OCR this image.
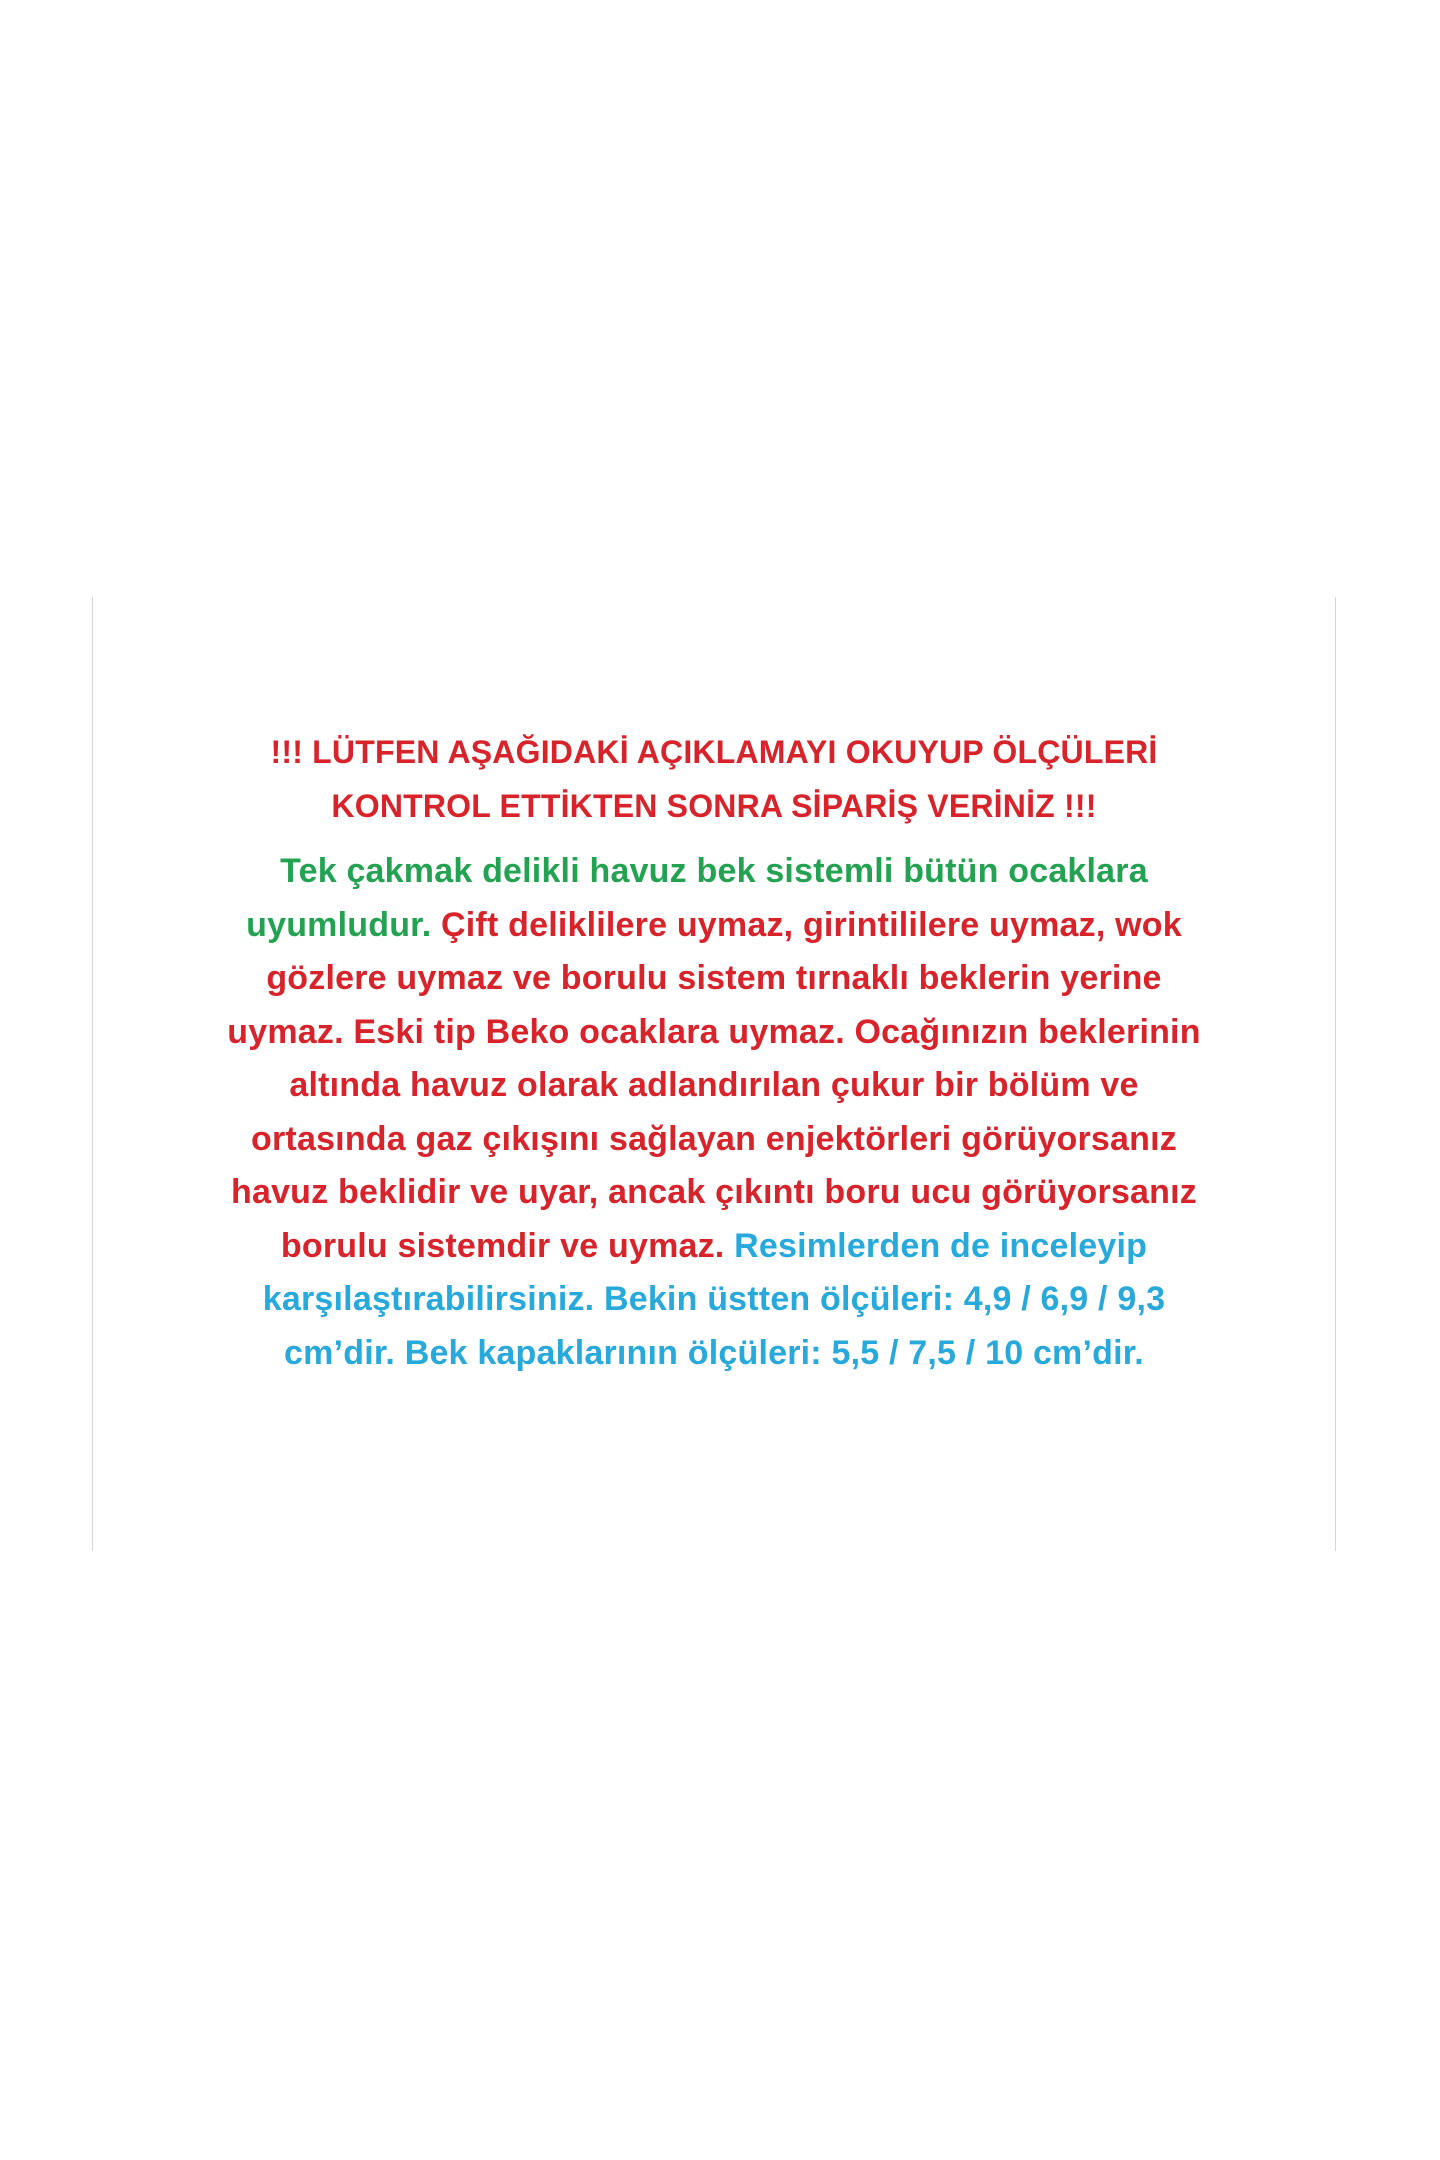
!!! LÜTFEN AŞAĞIDAKİ AÇIKLAMAYI OKUYUP ÖLÇÜLERİ KONTROL ETTİKTEN SONRA SİPARİŞ VERİNİZ !!!
Tek çakmak delikli havuz bek sistemli bütün ocaklara uyumludur. Çift deliklilere uymaz, girintililere uymaz, wok gözlere uymaz ve borulu sistem tırnaklı beklerin yerine uymaz. Eski tip Beko ocaklara uymaz. Ocağınızın beklerinin altında havuz olarak adlandırılan çukur bir bölüm ve ortasında gaz çıkışını sağlayan enjektörleri görüyorsanız havuz beklidir ve uyar, ancak çıkıntı boru ucu görüyorsanız borulu sistemdir ve uymaz. Resimlerden de inceleyip karşılaştırabilirsiniz. Bekin üstten ölçüleri: 4,9 / 6,9 / 9,3 cm’dir. Bek kapaklarının ölçüleri: 5,5 / 7,5 / 10 cm’dir.
